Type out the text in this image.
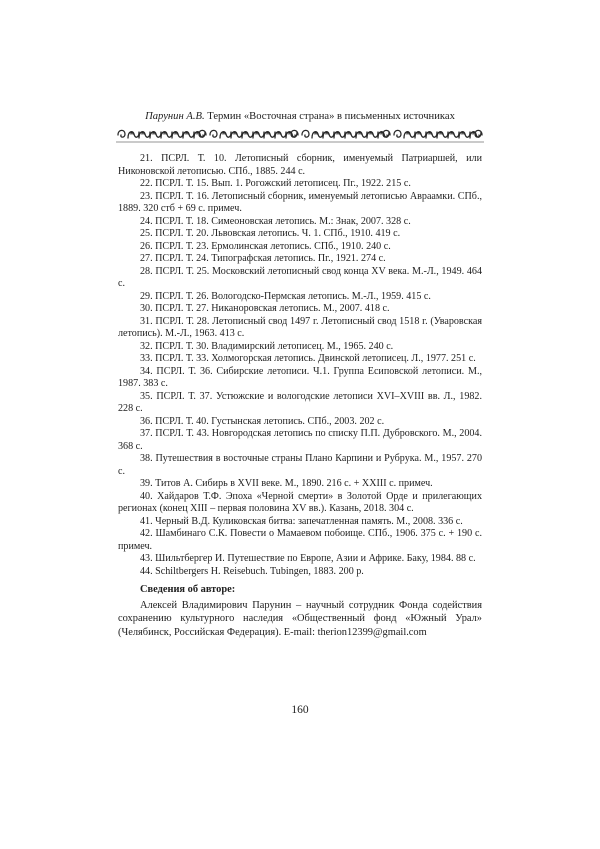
Парунин А.В. Термин «Восточная страна» в письменных источниках

21. ПСРЛ. Т. 10. Летописный сборник, именуемый Патриаршей, или Никоновской летописью. СПб., 1885. 244 с.

22. ПСРЛ. Т. 15. Вып. 1. Рогожский летописец. Пг., 1922. 215 с.

23. ПСРЛ. Т. 16. Летописный сборник, именуемый летописью Авраамки. СПб., 1889. 320 стб + 69 с. примеч.

24. ПСРЛ. Т. 18. Симеоновская летопись. М.: Знак, 2007. 328 с.

25. ПСРЛ. Т. 20. Львовская летопись. Ч. 1. СПб., 1910. 419 с.

26. ПСРЛ. Т. 23. Ермолинская летопись. СПб., 1910. 240 с.

27. ПСРЛ. Т. 24. Типографская летопись. Пг., 1921. 274 с.

28. ПСРЛ. Т. 25. Московский летописный свод конца XV века. М.-Л., 1949. 464 с.

29. ПСРЛ. Т. 26. Вологодско-Пермская летопись. М.-Л., 1959. 415 с.

30. ПСРЛ. Т. 27. Никаноровская летопись. М., 2007. 418 с.

31. ПСРЛ. Т. 28. Летописный свод 1497 г. Летописный свод 1518 г. (Уваровская летопись). М.-Л., 1963. 413 с.

32. ПСРЛ. Т. 30. Владимирский летописец. М., 1965. 240 с.

33. ПСРЛ. Т. 33. Холмогорская летопись. Двинской летописец. Л., 1977. 251 с.

34. ПСРЛ. Т. 36. Сибирские летописи. Ч.1. Группа Есиповской летописи. М., 1987. 383 с.

35. ПСРЛ. Т. 37. Устюжские и вологодские летописи XVI–XVIII вв. Л., 1982. 228 с.

36. ПСРЛ. Т. 40. Густынская летопись. СПб., 2003. 202 с.

37. ПСРЛ. Т. 43. Новгородская летопись по списку П.П. Дубровского. М., 2004. 368 с.

38. Путешествия в восточные страны Плано Карпини и Рубрука. М., 1957. 270 с.

39. Титов А. Сибирь в XVII веке. М., 1890. 216 с. + XXIII с. примеч.

40. Хайдаров Т.Ф. Эпоха «Черной смерти» в Золотой Орде и прилегающих регионах (конец XIII – первая половина XV вв.). Казань, 2018. 304 с.

41. Черный В.Д. Куликовская битва: запечатленная память. М., 2008. 336 с.

42. Шамбинаго С.К. Повести о Мамаевом побоище. СПб., 1906. 375 с. + 190 с. примеч.

43. Шильтбергер И. Путешествие по Европе, Азии и Африке. Баку, 1984. 88 с.

44. Schiltbergers H. Reisebuch. Tubingen, 1883. 200 p.

Сведения об авторе:

Алексей Владимирович Парунин – научный сотрудник Фонда содействия сохранению культурного наследия «Общественный фонд «Южный Урал» (Челябинск, Российская Федерация). E-mail: therion12399@gmail.com

160
